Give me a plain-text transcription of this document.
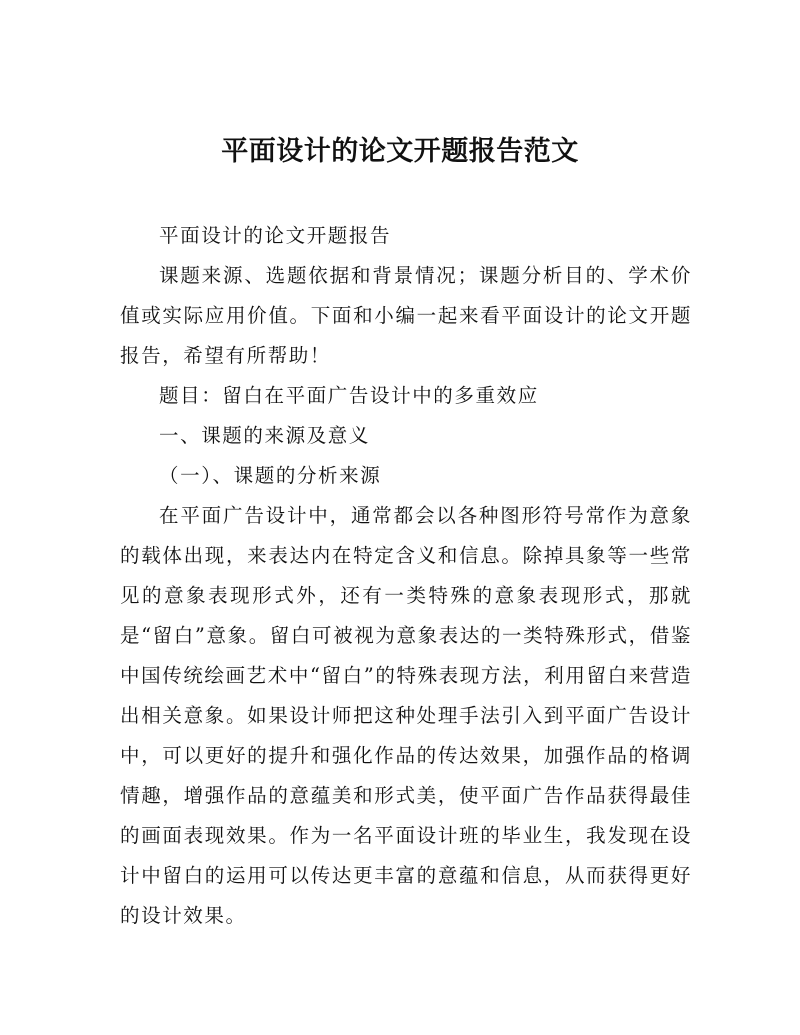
平面设计的论文开题报告范文

平面设计的论文开题报告

课题来源、选题依据和背景情况；课题分析目的、学术价值或实际应用价值。下面和小编一起来看平面设计的论文开题报告，希望有所帮助！

题目：留白在平面广告设计中的多重效应

一、课题的来源及意义

（一）、课题的分析来源

在平面广告设计中，通常都会以各种图形符号常作为意象的载体出现，来表达内在特定含义和信息。除掉具象等一些常见的意象表现形式外，还有一类特殊的意象表现形式，那就是“留白”意象。留白可被视为意象表达的一类特殊形式，借鉴中国传统绘画艺术中“留白”的特殊表现方法，利用留白来营造出相关意象。如果设计师把这种处理手法引入到平面广告设计中，可以更好的提升和强化作品的传达效果，加强作品的格调情趣，增强作品的意蕴美和形式美，使平面广告作品获得最佳的画面表现效果。作为一名平面设计班的毕业生，我发现在设计中留白的运用可以传达更丰富的意蕴和信息，从而获得更好的设计效果。
